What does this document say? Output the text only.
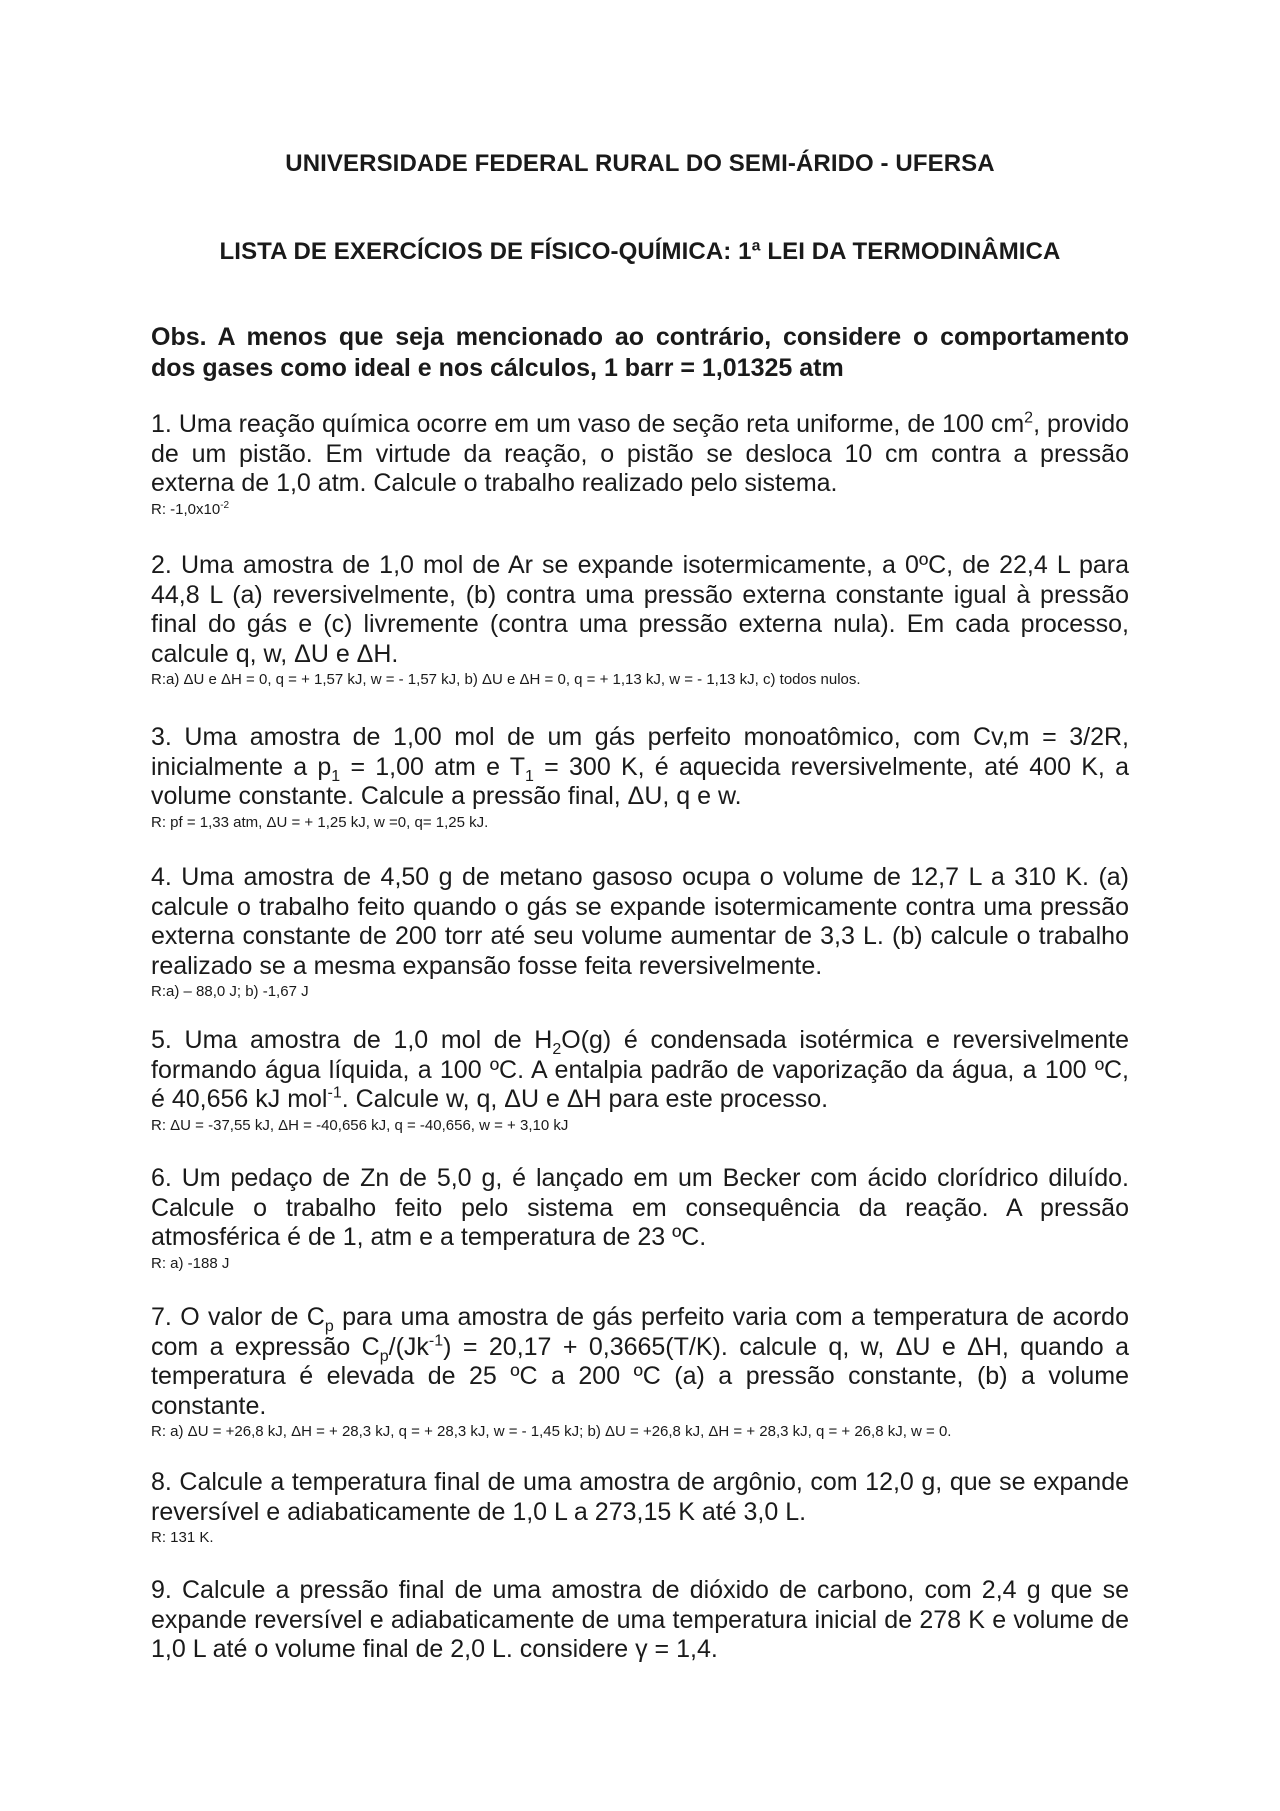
UNIVERSIDADE FEDERAL RURAL DO SEMI-ÁRIDO - UFERSA
LISTA DE EXERCÍCIOS DE FÍSICO-QUÍMICA: 1ª LEI DA TERMODINÂMICA
Obs. A menos que seja mencionado ao contrário, considere o comportamento dos gases como ideal e nos cálculos, 1 barr = 1,01325 atm
1. Uma reação química ocorre em um vaso de seção reta uniforme, de 100 $cm^2$, provido de um pistão. Em virtude da reação, o pistão se desloca 10 cm contra a pressão externa de 1,0 atm. Calcule o trabalho realizado pelo sistema.
R: $-1,0x10^{-2}$
2. Uma amostra de 1,0 mol de Ar se expande isotermicamente, a 0ºC, de 22,4 L para 44,8 L (a) reversivelmente, (b) contra uma pressão externa constante igual à pressão final do gás e (c) livremente (contra uma pressão externa nula). Em cada processo, calcule q, w, ΔU e ΔH.
R:a) ΔU e ΔH = 0, q = + 1,57 kJ, w = - 1,57 kJ, b) ΔU e ΔH = 0, q = + 1,13 kJ, w = - 1,13 kJ, c) todos nulos.
3. Uma amostra de 1,00 mol de um gás perfeito monoatômico, com Cv,m = 3/2R, inicialmente a $p_1 = 1,00$ atm e $T_1 = 300$ K, é aquecida reversivelmente, até 400 K, a volume constante. Calcule a pressão final, ΔU, q e w.
R: pf = 1,33 atm, ΔU = + 1,25 kJ, w =0, q= 1,25 kJ.
4. Uma amostra de 4,50 g de metano gasoso ocupa o volume de 12,7 L a 310 K. (a) calcule o trabalho feito quando o gás se expande isotermicamente contra uma pressão externa constante de 200 torr até seu volume aumentar de 3,3 L. (b) calcule o trabalho realizado se a mesma expansão fosse feita reversivelmente.
R:a) – 88,0 J; b) -1,67 J
5. Uma amostra de 1,0 mol de $H_2O(g)$ é condensada isotérmica e reversivelmente formando água líquida, a 100 ºC. A entalpia padrão de vaporização da água, a 100 ºC, é 40,656 kJ mol$^{-1}$. Calcule w, q, ΔU e ΔH para este processo.
R: ΔU = -37,55 kJ, ΔH = -40,656 kJ, q = -40,656, w = + 3,10 kJ
6. Um pedaço de Zn de 5,0 g, é lançado em um Becker com ácido clorídrico diluído. Calcule o trabalho feito pelo sistema em consequência da reação. A pressão atmosférica é de 1, atm e a temperatura de 23 ºC.
R: a) -188 J
7. O valor de $C_p$ para uma amostra de gás perfeito varia com a temperatura de acordo com a expressão $C_p/(Jk^{-1}) = 20,17 + 0,3665(T/K)$. calcule q, w, ΔU e ΔH, quando a temperatura é elevada de 25 ºC a 200 ºC (a) a pressão constante, (b) a volume constante.
R: a) ΔU = +26,8 kJ, ΔH = + 28,3 kJ, q = + 28,3 kJ, w = - 1,45 kJ; b) ΔU = +26,8 kJ, ΔH = + 28,3 kJ, q = + 26,8 kJ, w = 0.
8. Calcule a temperatura final de uma amostra de argônio, com 12,0 g, que se expande reversível e adiabaticamente de 1,0 L a 273,15 K até 3,0 L.
R: 131 K.
9. Calcule a pressão final de uma amostra de dióxido de carbono, com 2,4 g que se expande reversível e adiabaticamente de uma temperatura inicial de 278 K e volume de 1,0 L até o volume final de 2,0 L. considere γ = 1,4.
